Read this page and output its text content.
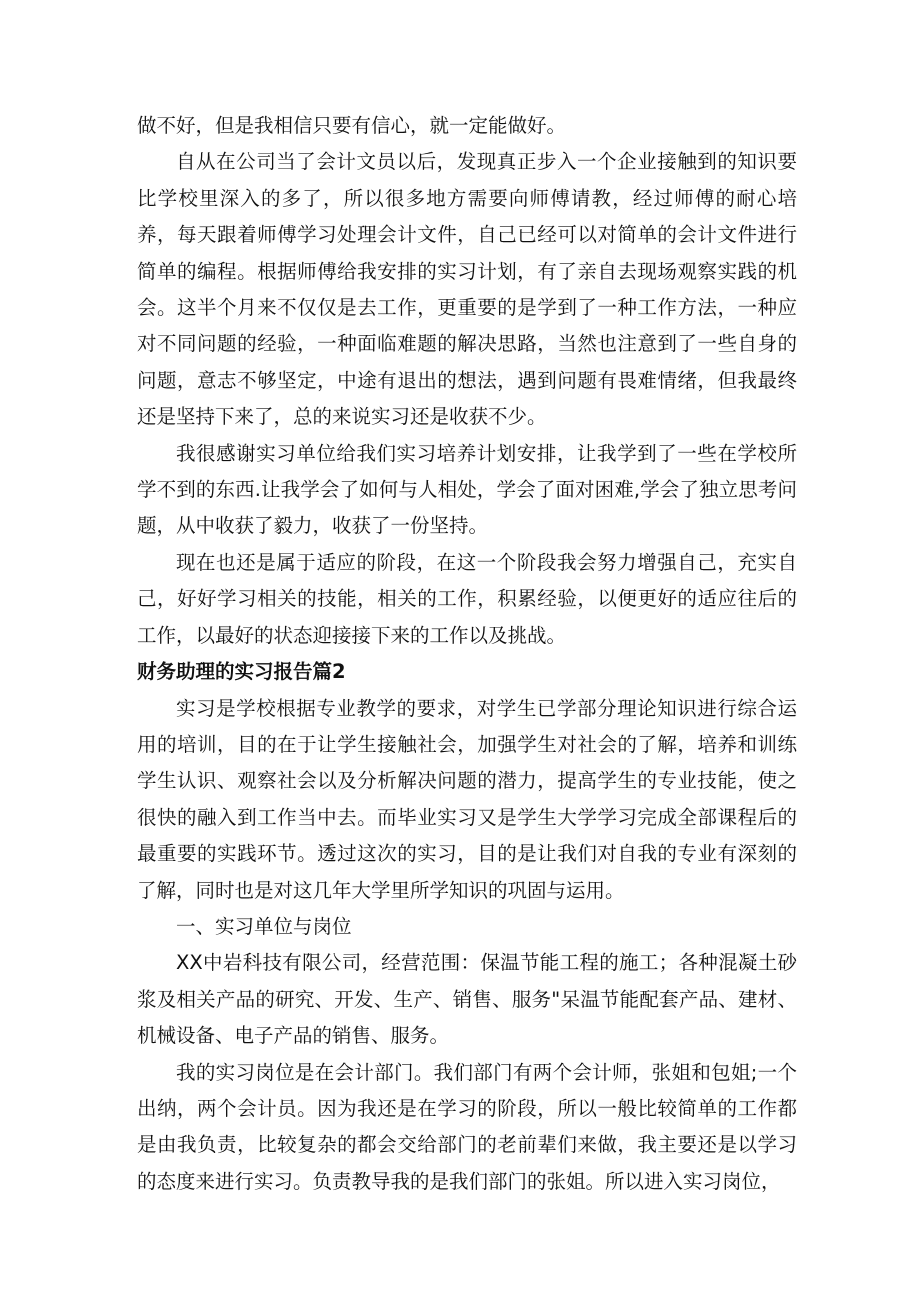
做不好，但是我相信只要有信心，就一定能做好。

自从在公司当了会计文员以后，发现真正步入一个企业接触到的知识要比学校里深入的多了，所以很多地方需要向师傅请教，经过师傅的耐心培养，每天跟着师傅学习处理会计文件，自己已经可以对简单的会计文件进行简单的编程。根据师傅给我安排的实习计划，有了亲自去现场观察实践的机会。这半个月来不仅仅是去工作，更重要的是学到了一种工作方法，一种应对不同问题的经验，一种面临难题的解决思路，当然也注意到了一些自身的问题，意志不够坚定，中途有退出的想法，遇到问题有畏难情绪，但我最终还是坚持下来了，总的来说实习还是收获不少。

我很感谢实习单位给我们实习培养计划安排，让我学到了一些在学校所学不到的东西.让我学会了如何与人相处，学会了面对困难,学会了独立思考问题，从中收获了毅力，收获了一份坚持。

现在也还是属于适应的阶段，在这一个阶段我会努力增强自己，充实自己，好好学习相关的技能，相关的工作，积累经验，以便更好的适应往后的工作，以最好的状态迎接接下来的工作以及挑战。

财务助理的实习报告篇2

实习是学校根据专业教学的要求，对学生已学部分理论知识进行综合运用的培训，目的在于让学生接触社会，加强学生对社会的了解，培养和训练学生认识、观察社会以及分析解决问题的潜力，提高学生的专业技能，使之很快的融入到工作当中去。而毕业实习又是学生大学学习完成全部课程后的最重要的实践环节。透过这次的实习，目的是让我们对自我的专业有深刻的了解，同时也是对这几年大学里所学知识的巩固与运用。

一、实习单位与岗位

XX中岩科技有限公司，经营范围：保温节能工程的施工；各种混凝土砂浆及相关产品的研究、开发、生产、销售、服务"呆温节能配套产品、建材、机械设备、电子产品的销售、服务。

我的实习岗位是在会计部门。我们部门有两个会计师，张姐和包姐;一个出纳，两个会计员。因为我还是在学习的阶段，所以一般比较简单的工作都是由我负责，比较复杂的都会交给部门的老前辈们来做，我主要还是以学习的态度来进行实习。负责教导我的是我们部门的张姐。所以进入实习岗位，
